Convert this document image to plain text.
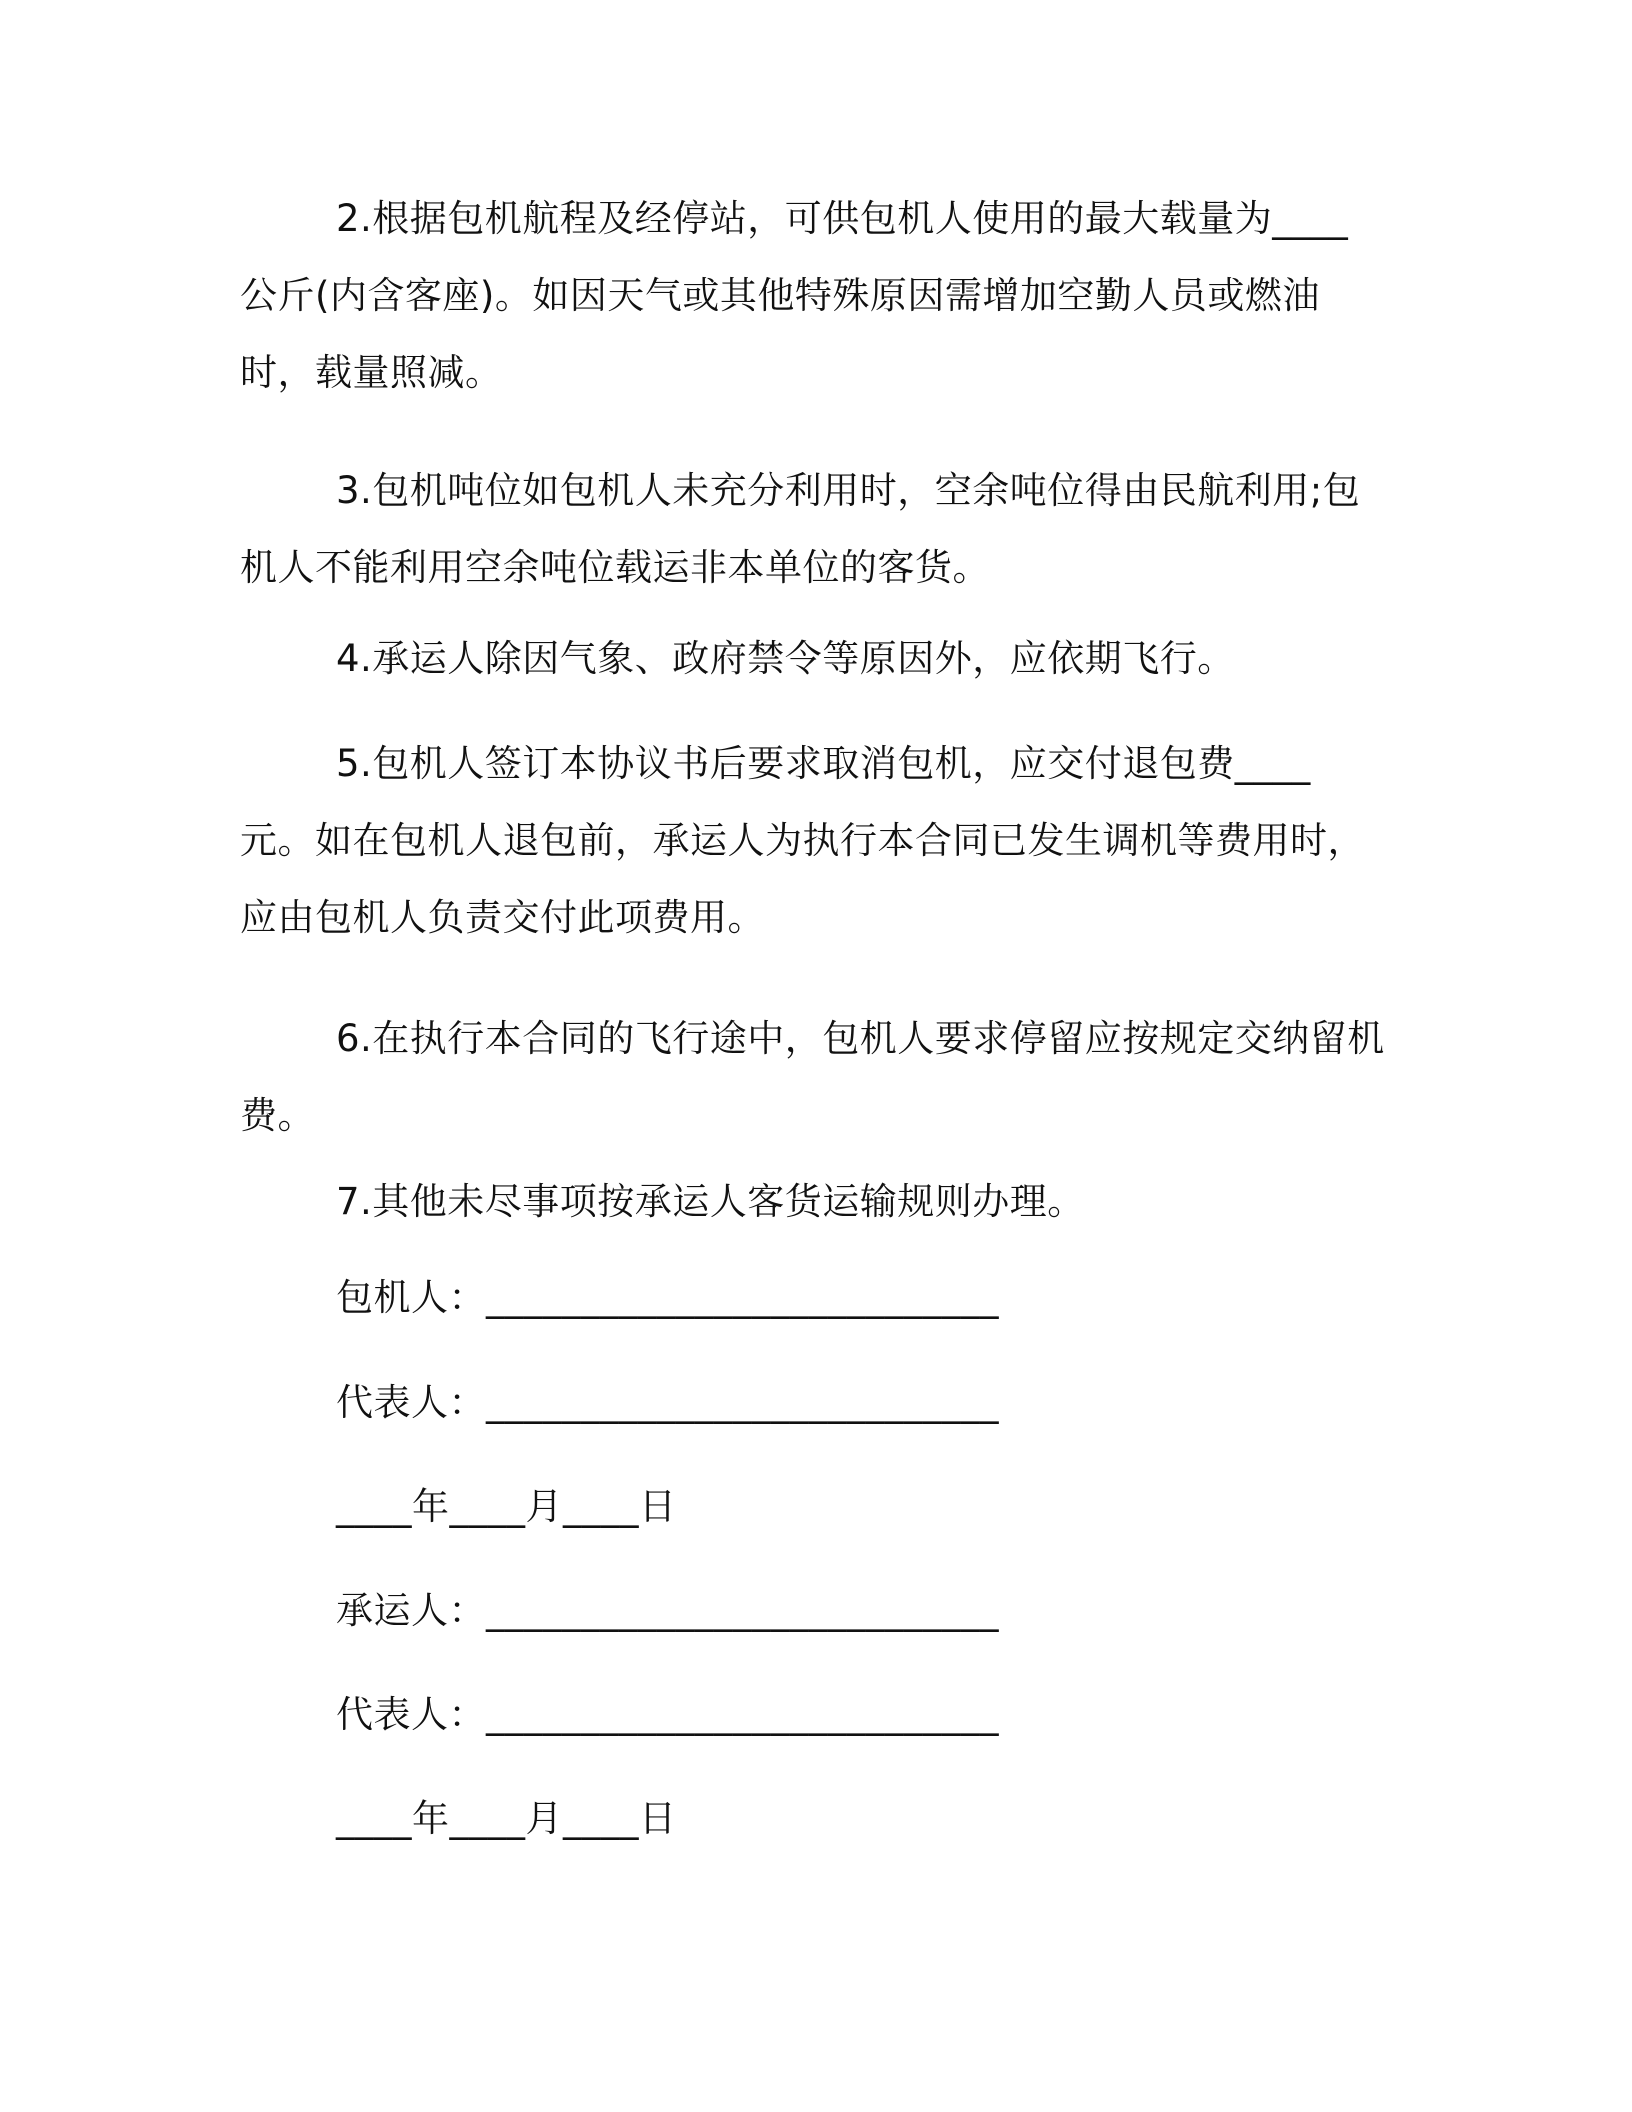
2.根据包机航程及经停站，可供包机人使用的最大载量为____公斤(内含客座)。如因天气或其他特殊原因需增加空勤人员或燃油时，载量照减。

3.包机吨位如包机人未充分利用时，空余吨位得由民航利用;包机人不能利用空余吨位载运非本单位的客货。

4.承运人除因气象、政府禁令等原因外，应依期飞行。

5.包机人签订本协议书后要求取消包机，应交付退包费____元。如在包机人退包前，承运人为执行本合同已发生调机等费用时，应由包机人负责交付此项费用。

6.在执行本合同的飞行途中，包机人要求停留应按规定交纳留机费。

7.其他未尽事项按承运人客货运输规则办理。

包机人：___________________________
代表人：___________________________
____年____月____日
承运人：___________________________
代表人：___________________________
____年____月____日
